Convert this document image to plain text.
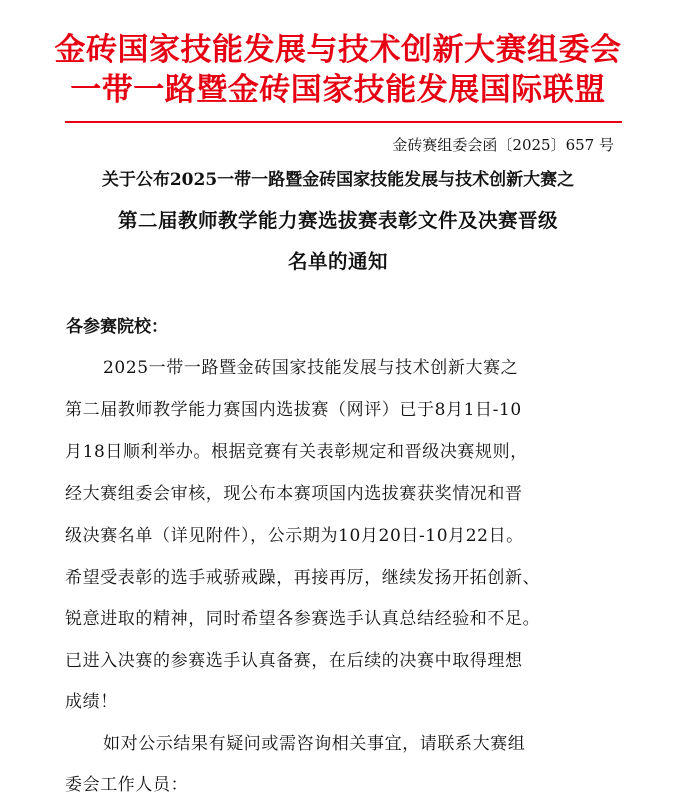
金砖国家技能发展与技术创新大赛组委会
一带一路暨金砖国家技能发展国际联盟
金砖赛组委会函〔2025〕657 号
关于公布2025一带一路暨金砖国家技能发展与技术创新大赛之
第二届教师教学能力赛选拔赛表彰文件及决赛晋级
名单的通知
各参赛院校：
2025一带一路暨金砖国家技能发展与技术创新大赛之
第二届教师教学能力赛国内选拔赛（网评）已于8月1日-10
月18日顺利举办。根据竞赛有关表彰规定和晋级决赛规则，
经大赛组委会审核，现公布本赛项国内选拔赛获奖情况和晋
级决赛名单（详见附件），公示期为10月20日-10月22日。
希望受表彰的选手戒骄戒躁，再接再厉，继续发扬开拓创新、
锐意进取的精神，同时希望各参赛选手认真总结经验和不足。
已进入决赛的参赛选手认真备赛，在后续的决赛中取得理想
成绩！
如对公示结果有疑问或需咨询相关事宜，请联系大赛组
委会工作人员：
